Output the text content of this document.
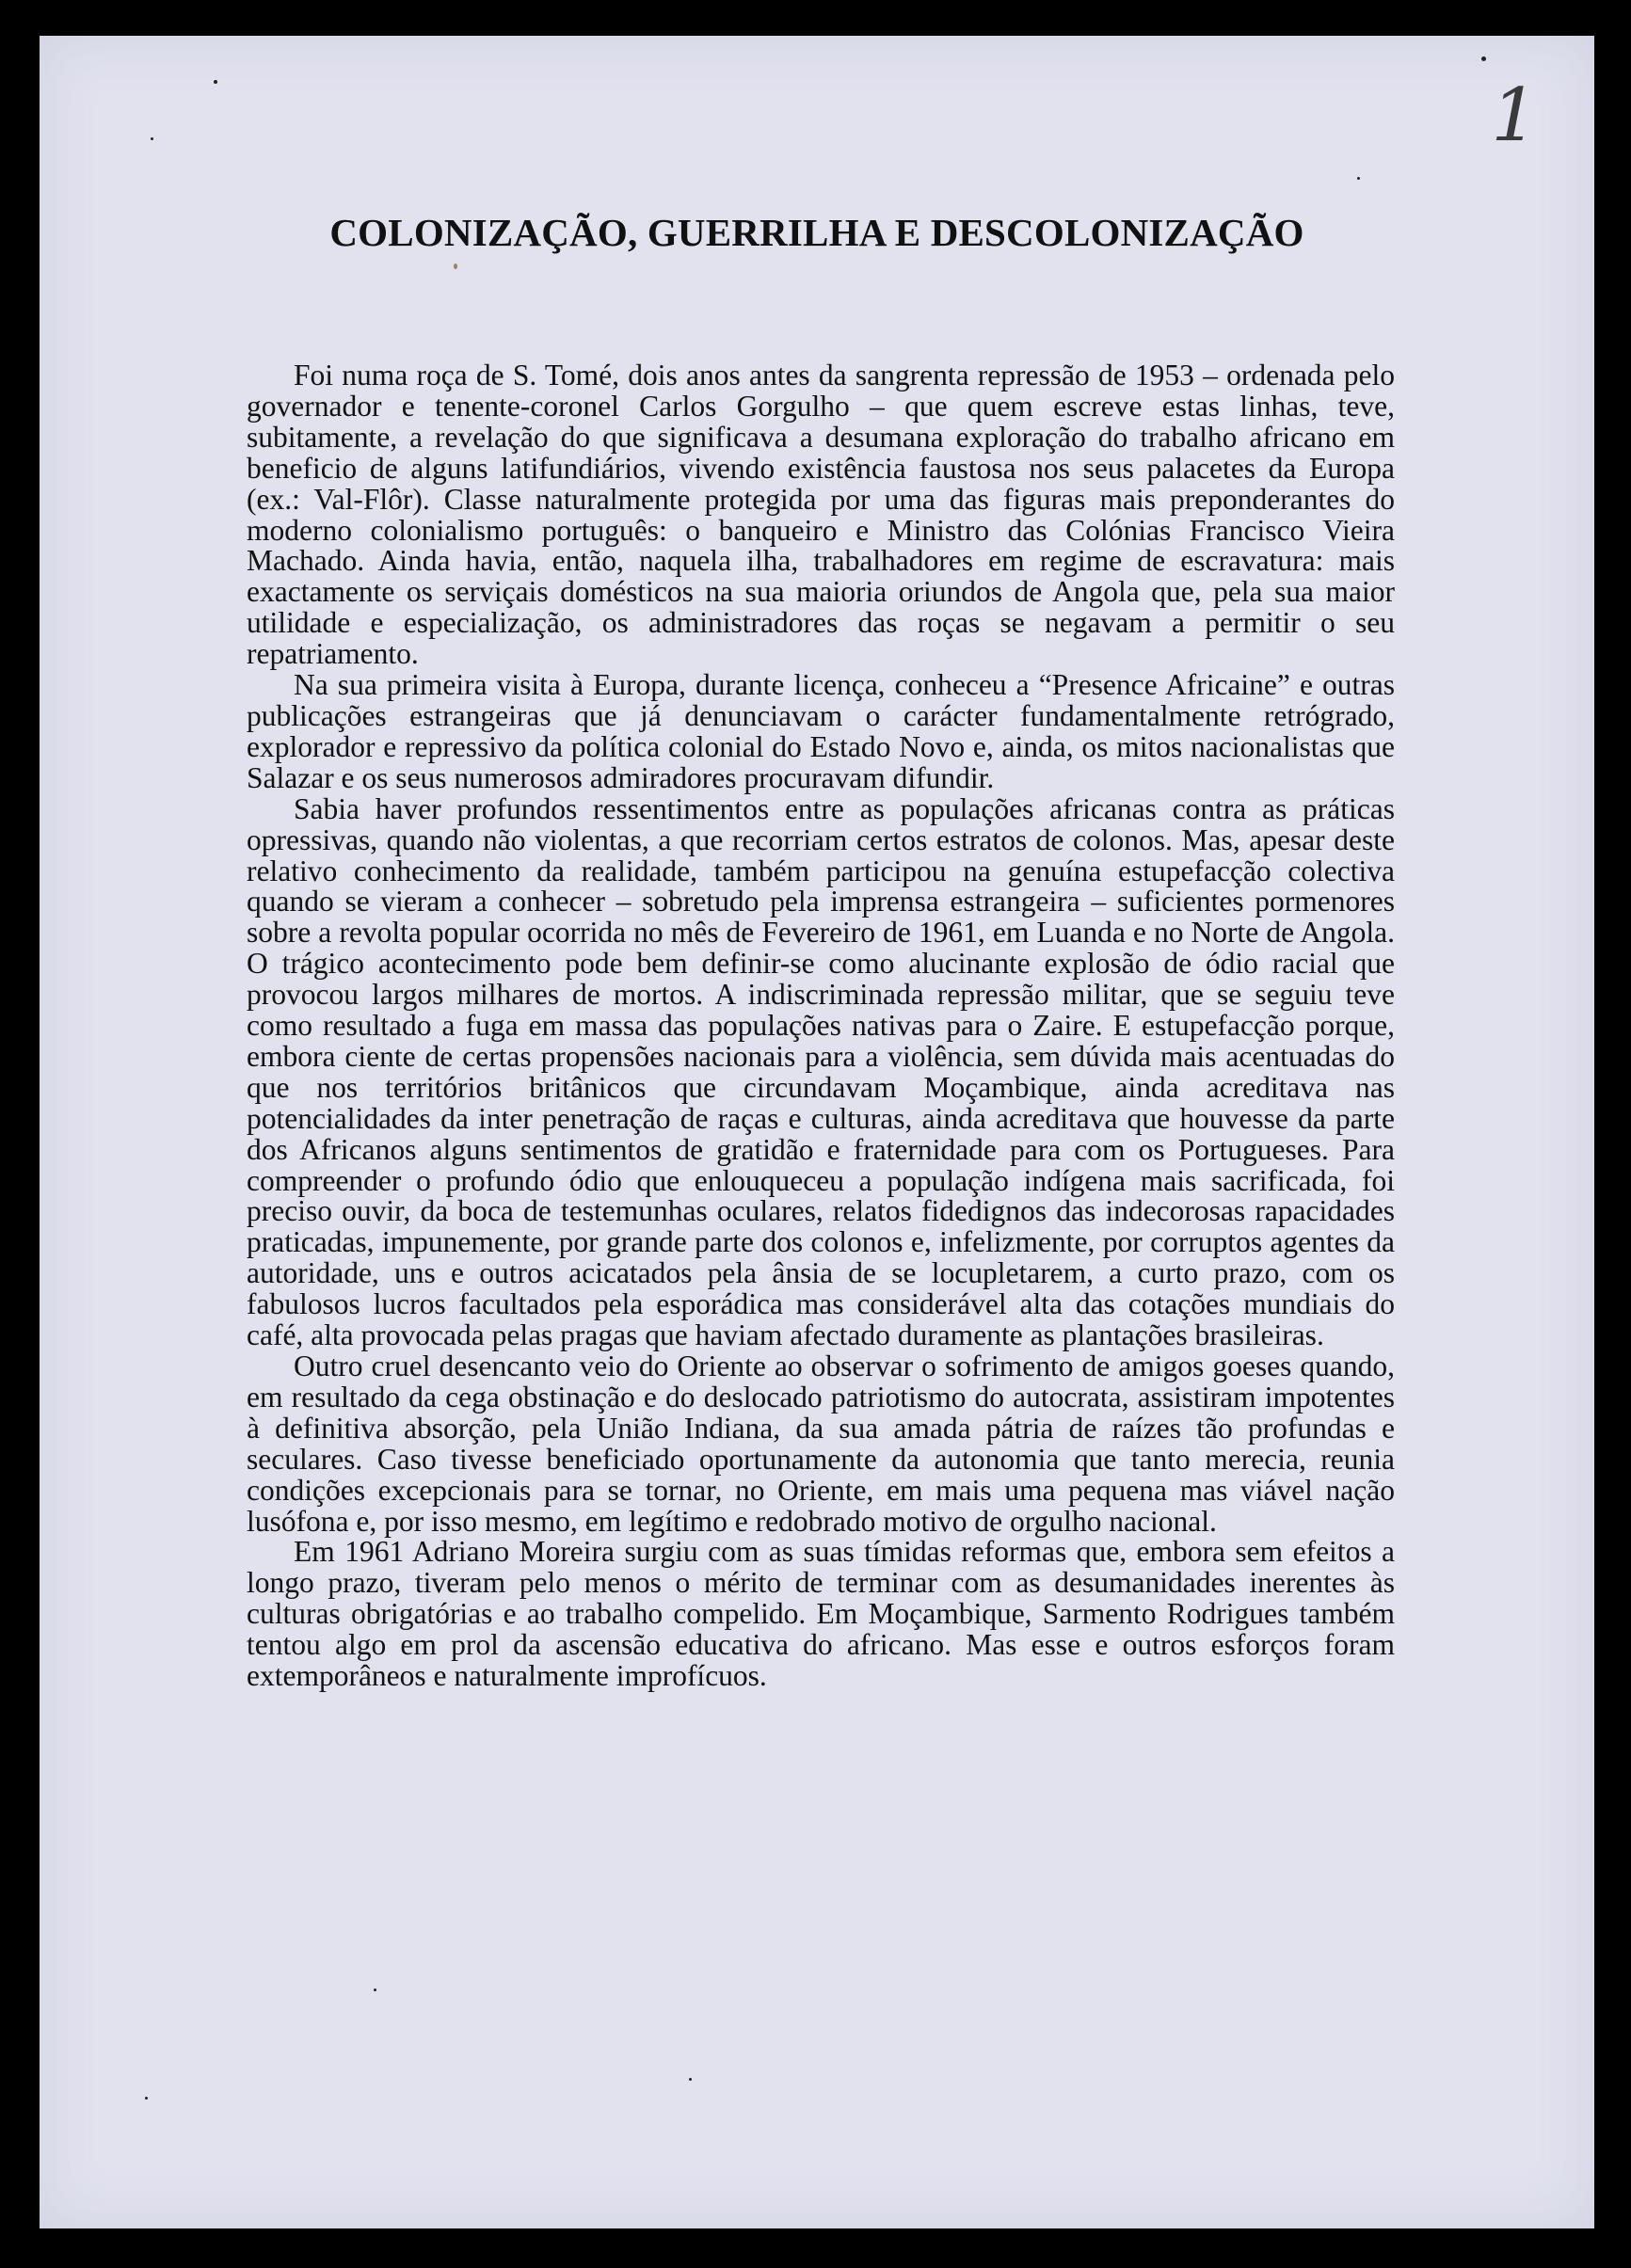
1
COLONIZAÇÃO, GUERRILHA E DESCOLONIZAÇÃO

Foi numa roça de S. Tomé, dois anos antes da sangrenta repressão de 1953 – ordenada pelo governador e tenente-coronel Carlos Gorgulho – que quem escreve estas linhas, teve, subitamente, a revelação do que significava a desumana exploração do trabalho africano em beneficio de alguns latifundiários, vivendo existência faustosa nos seus palacetes da Europa (ex.: Val-Flôr). Classe naturalmente protegida por uma das figuras mais preponderantes do moderno colonialismo português: o banqueiro e Ministro das Colónias Francisco Vieira Machado. Ainda havia, então, naquela ilha, trabalhadores em regime de escravatura: mais exactamente os serviçais domésticos na sua maioria oriundos de Angola que, pela sua maior utilidade e especialização, os administradores das roças se negavam a permitir o seu repatriamento.

Na sua primeira visita à Europa, durante licença, conheceu a “Presence Africaine” e outras publicações estrangeiras que já denunciavam o carácter fundamentalmente retrógrado, explorador e repressivo da política colonial do Estado Novo e, ainda, os mitos nacionalistas que Salazar e os seus numerosos admiradores procuravam difundir.

Sabia haver profundos ressentimentos entre as populações africanas contra as práticas opressivas, quando não violentas, a que recorriam certos estratos de colonos. Mas, apesar deste relativo conhecimento da realidade, também participou na genuína estupefacção colectiva quando se vieram a conhecer – sobretudo pela imprensa estrangeira – suficientes pormenores sobre a revolta popular ocorrida no mês de Fevereiro de 1961, em Luanda e no Norte de Angola. O trágico acontecimento pode bem definir-se como alucinante explosão de ódio racial que provocou largos milhares de mortos. A indiscriminada repressão militar, que se seguiu teve como resultado a fuga em massa das populações nativas para o Zaire. E estupefacção porque, embora ciente de certas propensões nacionais para a violência, sem dúvida mais acentuadas do que nos territórios britânicos que circundavam Moçambique, ainda acreditava nas potencialidades da inter penetração de raças e culturas, ainda acreditava que houvesse da parte dos Africanos alguns sentimentos de gratidão e fraternidade para com os Portugueses. Para compreender o profundo ódio que enlouqueceu a população indígena mais sacrificada, foi preciso ouvir, da boca de testemunhas oculares, relatos fidedignos das indecorosas rapacidades praticadas, impunemente, por grande parte dos colonos e, infelizmente, por corruptos agentes da autoridade, uns e outros acicatados pela ânsia de se locupletarem, a curto prazo, com os fabulosos lucros facultados pela esporádica mas considerável alta das cotações mundiais do café, alta provocada pelas pragas que haviam afectado duramente as plantações brasileiras.

Outro cruel desencanto veio do Oriente ao observar o sofrimento de amigos goeses quando, em resultado da cega obstinação e do deslocado patriotismo do autocrata, assistiram impotentes à definitiva absorção, pela União Indiana, da sua amada pátria de raízes tão profundas e seculares. Caso tivesse beneficiado oportunamente da autonomia que tanto merecia, reunia condições excepcionais para se tornar, no Oriente, em mais uma pequena mas viável nação lusófona e, por isso mesmo, em legítimo e redobrado motivo de orgulho nacional.

Em 1961 Adriano Moreira surgiu com as suas tímidas reformas que, embora sem efeitos a longo prazo, tiveram pelo menos o mérito de terminar com as desumanidades inerentes às culturas obrigatórias e ao trabalho compelido. Em Moçambique, Sarmento Rodrigues também tentou algo em prol da ascensão educativa do africano. Mas esse e outros esforços foram extemporâneos e naturalmente improfícuos.
